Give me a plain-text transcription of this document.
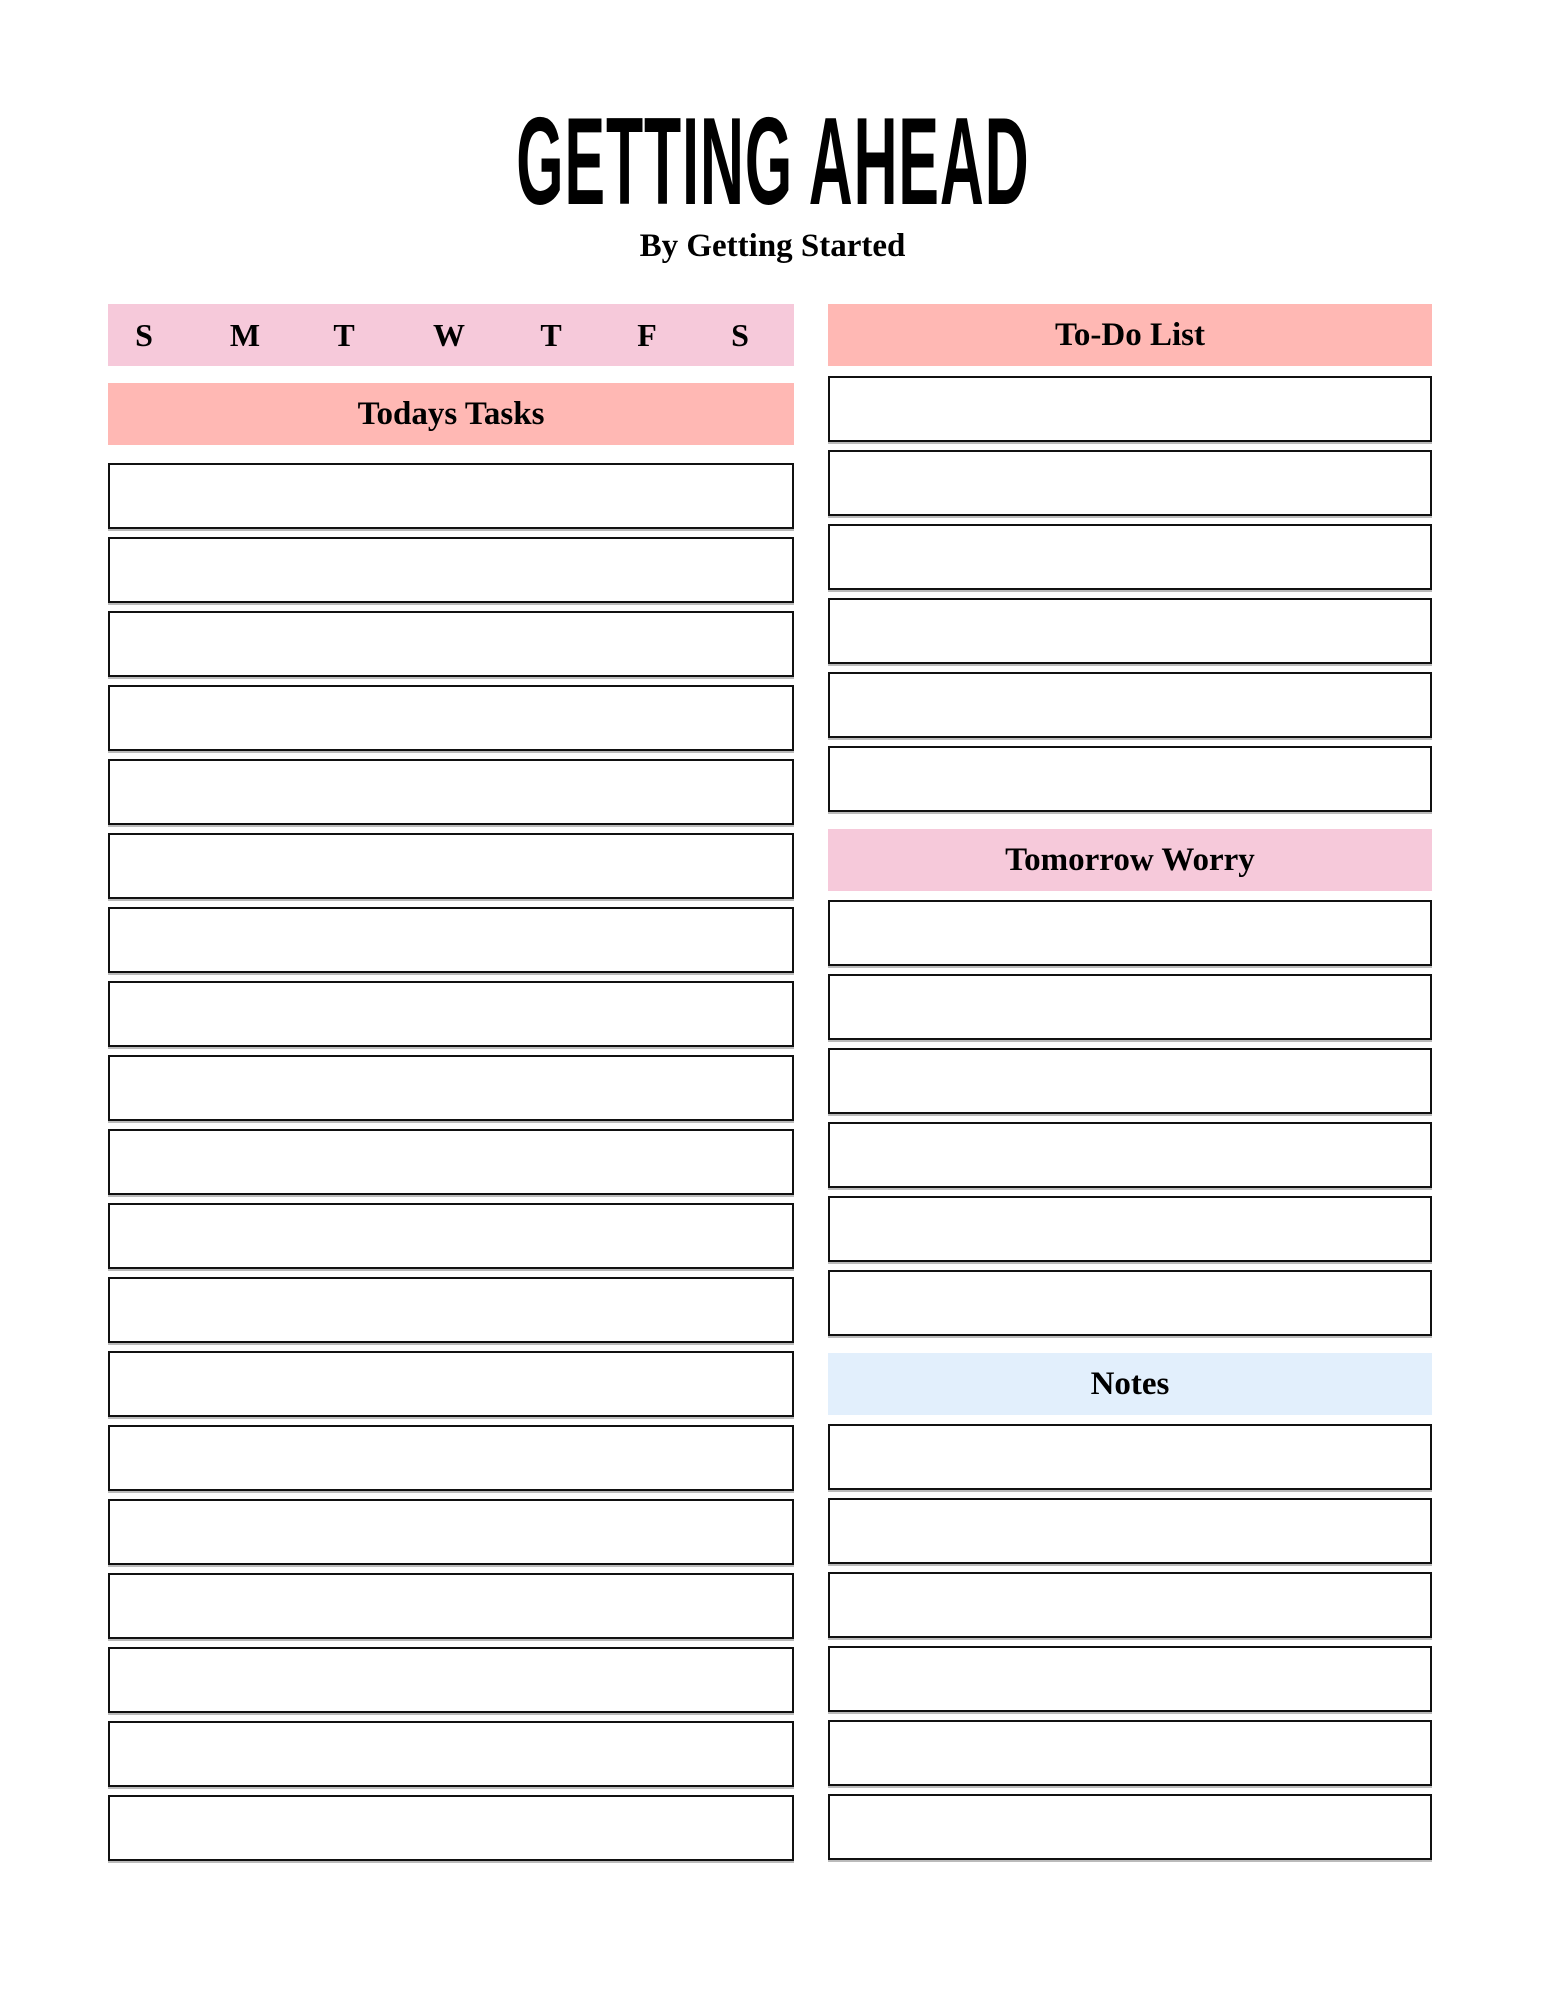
GETTING AHEAD
By Getting Started
S	M	T	W	T	F	S
Todays Tasks
To-Do List
Tomorrow Worry
Notes
